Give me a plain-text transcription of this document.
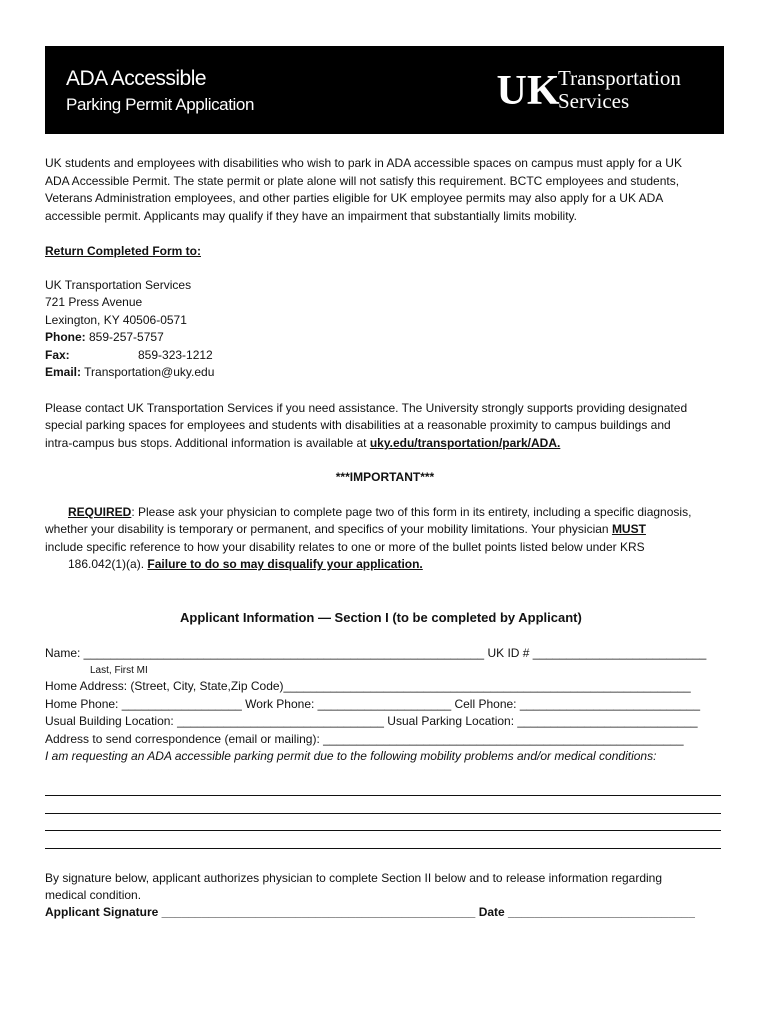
ADA Accessible
Parking Permit Application	UK
Transportation
Services
UK students and employees with disabilities who wish to park in ADA accessible spaces on campus must apply for a UK
ADA Accessible Permit. The state permit or plate alone will not satisfy this requirement. BCTC employees and students,
Veterans Administration employees, and other parties eligible for UK employee permits may also apply for a UK ADA
accessible permit. Applicants may qualify if they have an impairment that substantially limits mobility.
Return Completed Form to:
UK Transportation Services
721 Press Avenue
Lexington, KY 40506-0571
Phone: 859-257-5757
Fax:	859-323-1212
Email: Transportation@uky.edu
Please contact UK Transportation Services if you need assistance. The University strongly supports providing designated
special parking spaces for employees and students with disabilities at a reasonable proximity to campus buildings and
intra-campus bus stops. Additional information is available at uky.edu/transportation/park/ADA.
***IMPORTANT***
REQUIRED: Please ask your physician to complete page two of this form in its entirety, including a specific diagnosis,
whether your disability is temporary or permanent, and specifics of your mobility limitations. Your physician MUST
include specific reference to how your disability relates to one or more of the bullet points listed below under KRS
186.042(1)(a). Failure to do so may disqualify your application.
Applicant Information — Section I (to be completed by Applicant)
Name: ____________________________________________________________ UK ID # __________________________
Last, First MI
Home Address: (Street, City, State,Zip Code)_____________________________________________________________
Home Phone: __________________ Work Phone: ____________________ Cell Phone: ___________________________
Usual Building Location: _______________________________ Usual Parking Location: ___________________________
Address to send correspondence (email or mailing): ______________________________________________________
I am requesting an ADA accessible parking permit due to the following mobility problems and/or medical conditions:
By signature below, applicant authorizes physician to complete Section II below and to release information regarding
medical condition.
Applicant Signature _______________________________________________ Date ____________________________
